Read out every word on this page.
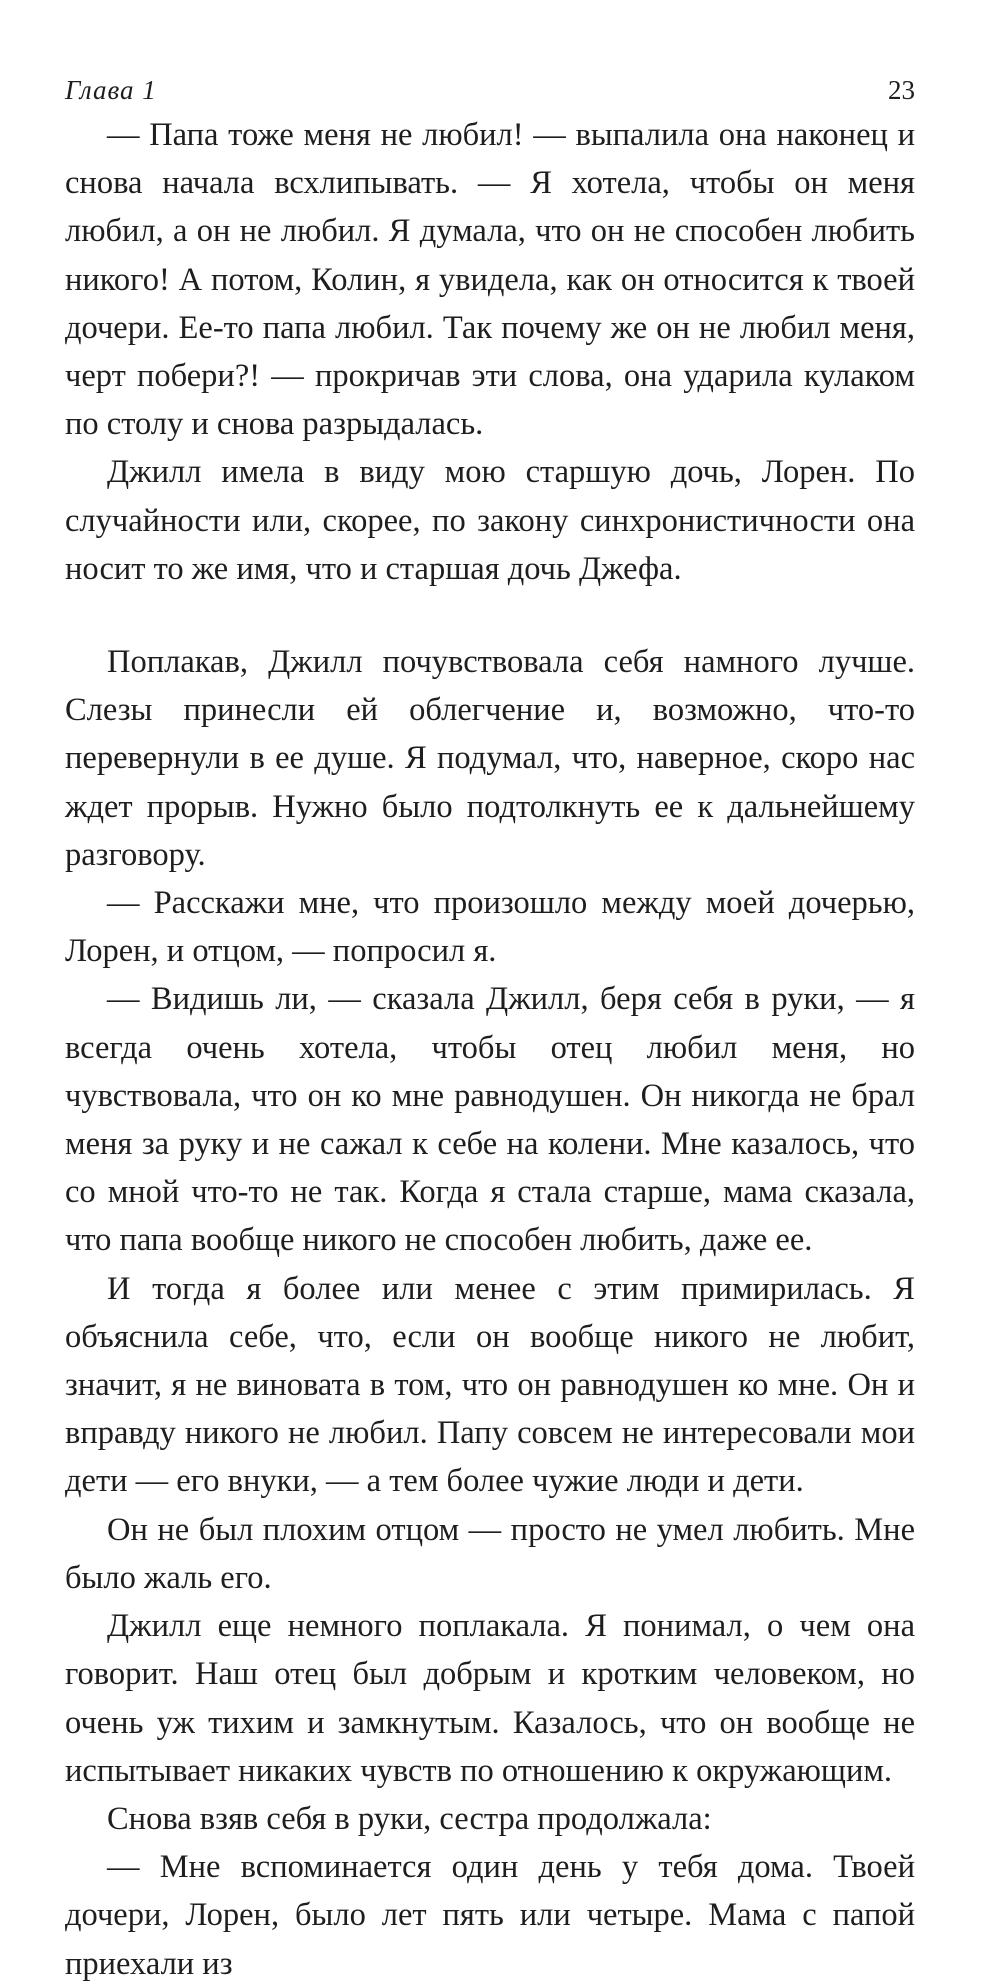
Глава 1	23

— Папа тоже меня не любил! — выпалила она наконец и снова начала всхлипывать. — Я хотела, чтобы он меня любил, а он не любил. Я думала, что он не способен любить никого! А потом, Колин, я увидела, как он относится к твоей дочери. Ее-то папа любил. Так почему же он не любил меня, черт побери?! — прокричав эти слова, она ударила кулаком по столу и снова разрыдалась.

Джилл имела в виду мою старшую дочь, Лорен. По случайности или, скорее, по закону синхронистичности она носит то же имя, что и старшая дочь Джефа.

Поплакав, Джилл почувствовала себя намного лучше. Слезы принесли ей облегчение и, возможно, что-то перевернули в ее душе. Я подумал, что, наверное, скоро нас ждет прорыв. Нужно было подтолкнуть ее к дальнейшему разговору.

— Расскажи мне, что произошло между моей дочерью, Лорен, и отцом, — попросил я.

— Видишь ли, — сказала Джилл, беря себя в руки, — я всегда очень хотела, чтобы отец любил меня, но чувствовала, что он ко мне равнодушен. Он никогда не брал меня за руку и не сажал к себе на колени. Мне казалось, что со мной что-то не так. Когда я стала старше, мама сказала, что папа вообще никого не способен любить, даже ее.

И тогда я более или менее с этим примирилась. Я объяснила себе, что, если он вообще никого не любит, значит, я не виновата в том, что он равнодушен ко мне. Он и вправду никого не любил. Папу совсем не интересовали мои дети — его внуки, — а тем более чужие люди и дети.

Он не был плохим отцом — просто не умел любить. Мне было жаль его.

Джилл еще немного поплакала. Я понимал, о чем она говорит. Наш отец был добрым и кротким человеком, но очень уж тихим и замкнутым. Казалось, что он вообще не испытывает никаких чувств по отношению к окружающим.

Снова взяв себя в руки, сестра продолжала:

— Мне вспоминается один день у тебя дома. Твоей дочери, Лорен, было лет пять или четыре. Мама с папой приехали из
